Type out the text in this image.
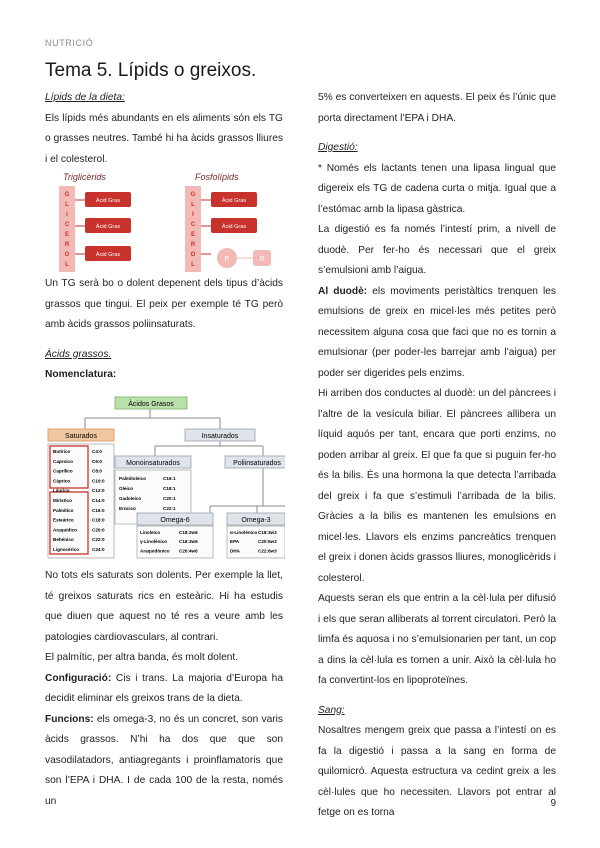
NUTRICIÓ
Tema 5. Lípids o greixos.

Lípids de la dieta:

Els lípids més abundants en els aliments són els TG o grasses neutres. També hi ha àcids grassos lliures i el colesterol.

Triglicèrids	Fosfolípids
G
L
I
C
E
R
O
L
Àcid Gras
Àcid Gras
Àcid Gras
G
L
I
C
E
R
O
L
Àcid Gras
Àcid Gras
P	R

Un TG serà bo o dolent depenent dels tipus d’àcids grassos que tingui. El peix per exemple té TG però amb àcids grassos poliinsaturats.

Àcids grassos.

Nomenclatura:

Àcidos Grasos
Saturados	Insaturados
Butírico	C4:0
Caproico	C6:0
Caprílico	C8:0
Cáprico	C10:0
Láurico	C12:0
Mirístico	C14:0
Palmítico	C16:0
Esteárico	C18:0
Araquídico	C20:0
Behénico	C22:0
Lignocérico	C24:0
Monoinsaturados
Palmitoleico	C16:1
Oleico	C18:1
Gadoleico	C20:1
Erúcico	C22:1
Poliinsaturados
Omega-6
Linoleico	C18:2w6
γ-Linolénico	C18:3w6
Araquidónico C20:4w6
Omega-3
α-Linolénico C18:3w3
EPA	C20:5w3
DHA	C22:6w3

No tots els saturats son dolents. Per exemple la llet, té greixos saturats rics en esteàric. Hi ha estudis que diuen que aquest no té res a veure amb les patologies cardiovasculars, al contrari.

El palmític, per altra banda, és molt dolent.

Configuració: Cis i trans. La majoria d’Europa ha decidit eliminar els greixos trans de la dieta.

Funcions: els omega-3, no és un concret, son varis àcids grassos. N’hi ha dos que que son vasodilatadors, antiagregants i proinflamatoris que son l’EPA i DHA. I de cada 100 de la resta, només un

5% es converteixen en aquests. El peix és l’únic que porta directament l’EPA i DHA.

Digestió:

* Només els lactants tenen una lipasa lingual que digereix els TG de cadena curta o mitja. Igual que a l’estómac amb la lipasa gàstrica.

La digestió es fa només l’intestí prim, a nivell de duodè. Per fer-ho és necessari que el greix s’emulsioni amb l’aigua.

Al duodè: els moviments peristàltics trenquen les emulsions de greix en micel·les més petites però necessitem alguna cosa que faci que no es tornin a emulsionar (per poder-les barrejar amb l’aigua) per poder ser digerides pels enzims.

Hi arriben dos conductes al duodè: un del pàncrees i l’altre de la vesícula biliar. El pàncrees allibera un líquid aquós per tant, encara que porti enzims, no poden arribar al greix. El que fa que si puguin fer-ho és la bilis. És una hormona la que detecta l’arribada del greix i fa que s’estimuli l’arribada de la bilis. Gràcies a la bilis es mantenen les emulsions en micel·les. Llavors els enzims pancreàtics trenquen el greix i donen àcids grassos lliures, monoglicèrids i colesterol.

Aquests seran els que entrin a la cèl·lula per difusió i els que seran alliberats al torrent circulatori. Però la limfa és aquosa i no s’emulsionarien per tant, un cop a dins la cèl·lula es tornen a unir. Això la cèl·lula ho fa convertint-los en lipoproteïnes.

Sang:

Nosaltres mengem greix que passa a l’intestí on es fa la digestió i passa a la sang en forma de quilomicró. Aquesta estructura va cedint greix a les cèl·lules que ho necessiten. Llavors pot entrar al fetge on es torna

9
